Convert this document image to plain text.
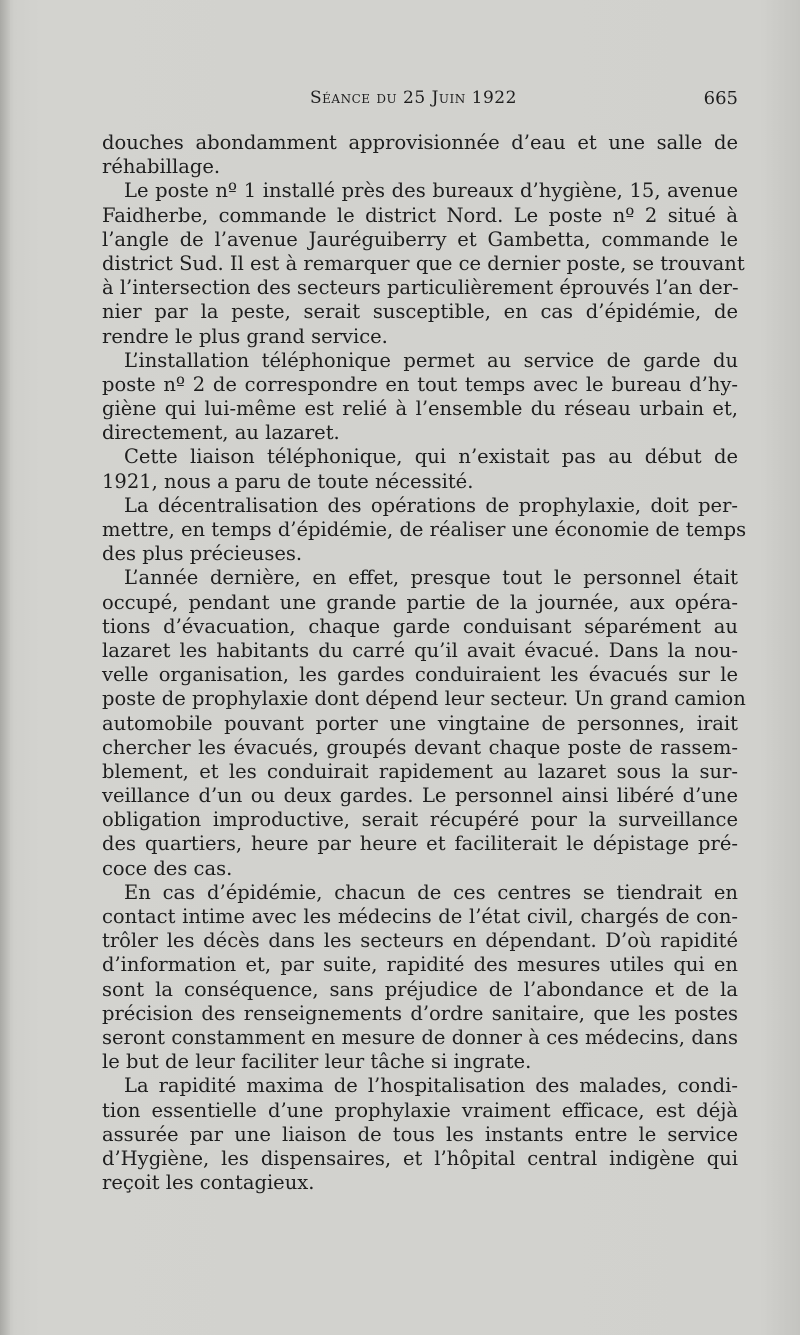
Séance du 25 Juin 1922	665
douches abondamment approvisionnée d’eau et une salle de
réhabillage.
Le poste nº 1 installé près des bureaux d’hygiène, 15, avenue
Faidherbe, commande le district Nord. Le poste nº 2 situé à
l’angle de l’avenue Jauréguiberry et Gambetta, commande le
district Sud. Il est à remarquer que ce dernier poste, se trouvant
à l’intersection des secteurs particulièrement éprouvés l’an der-
nier par la peste, serait susceptible, en cas d’épidémie, de
rendre le plus grand service.
L’installation téléphonique permet au service de garde du
poste nº 2 de correspondre en tout temps avec le bureau d’hy-
giène qui lui-même est relié à l’ensemble du réseau urbain et,
directement, au lazaret.
Cette liaison téléphonique, qui n’existait pas au début de
1921, nous a paru de toute nécessité.
La décentralisation des opérations de prophylaxie, doit per-
mettre, en temps d’épidémie, de réaliser une économie de temps
des plus précieuses.
L’année dernière, en effet, presque tout le personnel était
occupé, pendant une grande partie de la journée, aux opéra-
tions d’évacuation, chaque garde conduisant séparément au
lazaret les habitants du carré qu’il avait évacué. Dans la nou-
velle organisation, les gardes conduiraient les évacués sur le
poste de prophylaxie dont dépend leur secteur. Un grand camion
automobile pouvant porter une vingtaine de personnes, irait
chercher les évacués, groupés devant chaque poste de rassem-
blement, et les conduirait rapidement au lazaret sous la sur-
veillance d’un ou deux gardes. Le personnel ainsi libéré d’une
obligation improductive, serait récupéré pour la surveillance
des quartiers, heure par heure et faciliterait le dépistage pré-
coce des cas.
En cas d’épidémie, chacun de ces centres se tiendrait en
contact intime avec les médecins de l’état civil, chargés de con-
trôler les décès dans les secteurs en dépendant. D’où rapidité
d’information et, par suite, rapidité des mesures utiles qui en
sont la conséquence, sans préjudice de l’abondance et de la
précision des renseignements d’ordre sanitaire, que les postes
seront constamment en mesure de donner à ces médecins, dans
le but de leur faciliter leur tâche si ingrate.
La rapidité maxima de l’hospitalisation des malades, condi-
tion essentielle d’une prophylaxie vraiment efficace, est déjà
assurée par une liaison de tous les instants entre le service
d’Hygiène, les dispensaires, et l’hôpital central indigène qui
reçoit les contagieux.
